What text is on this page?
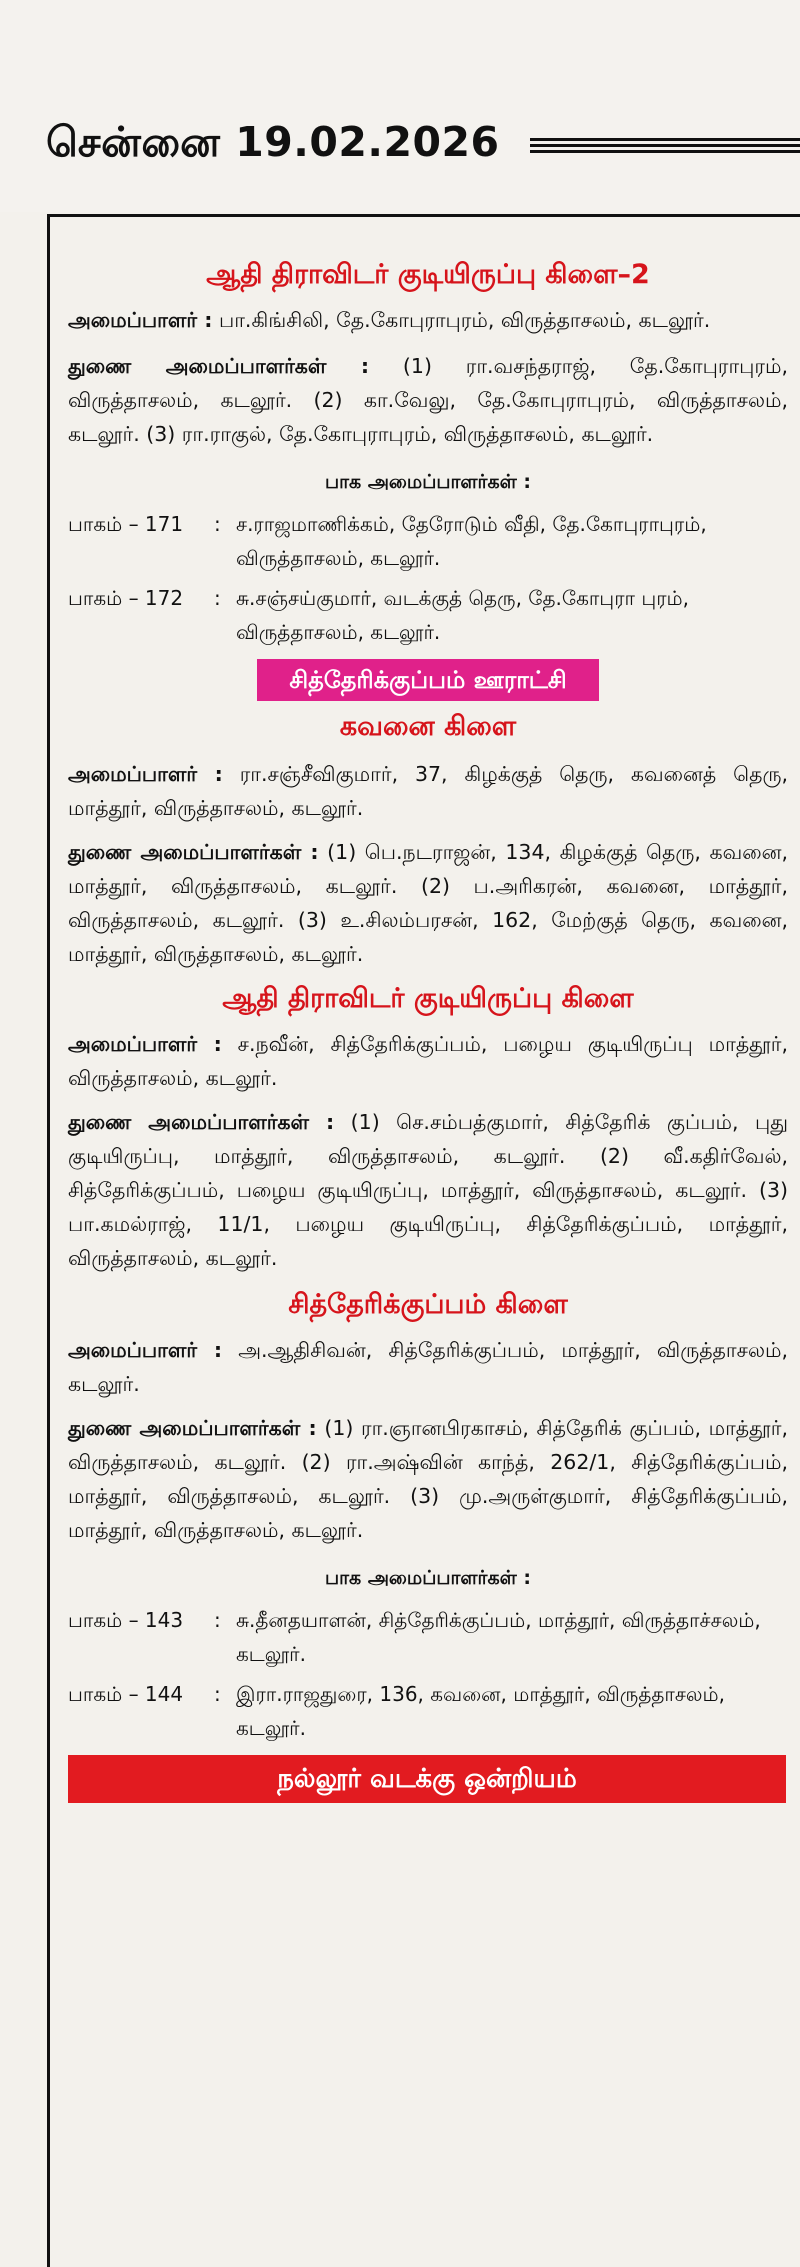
சென்னை 19.02.2026
ஆதி திராவிடர் குடியிருப்பு கிளை–2
அமைப்பாளர் : பா.கிங்சிலி, தே.கோபுராபுரம், விருத்தாசலம், கடலூர்.
துணை அமைப்பாளர்கள் : (1) ரா.வசந்தராஜ், தே.கோபுராபுரம், விருத்தாசலம், கடலூர். (2) கா.வேலு, தே.கோபுராபுரம், விருத்தாசலம், கடலூர். (3) ரா.ராகுல், தே.கோபுராபுரம், விருத்தாசலம், கடலூர்.
பாக அமைப்பாளர்கள் :
பாகம் – 171	: ச.ராஜமாணிக்கம், தேரோடும் வீதி, தே.கோபுராபுரம், விருத்தாசலம், கடலூர்.
பாகம் – 172	: சு.சஞ்சய்குமார், வடக்குத் தெரு, தே.கோபுரா புரம், விருத்தாசலம், கடலூர்.
சித்தேரிக்குப்பம் ஊராட்சி
கவனை கிளை
அமைப்பாளர் : ரா.சஞ்சீவிகுமார், 37, கிழக்குத் தெரு, கவனைத் தெரு, மாத்தூர், விருத்தாசலம், கடலூர்.
துணை அமைப்பாளர்கள் : (1) பெ.நடராஜன், 134, கிழக்குத் தெரு, கவனை, மாத்தூர், விருத்தாசலம், கடலூர். (2) ப.அரிகரன், கவனை, மாத்தூர், விருத்தாசலம், கடலூர். (3) உ.சிலம்பரசன், 162, மேற்குத் தெரு, கவனை, மாத்தூர், விருத்தாசலம், கடலூர்.
ஆதி திராவிடர் குடியிருப்பு கிளை
அமைப்பாளர் : ச.நவீன், சித்தேரிக்குப்பம், பழைய குடியிருப்பு மாத்தூர், விருத்தாசலம், கடலூர்.
துணை அமைப்பாளர்கள் : (1) செ.சம்பத்குமார், சித்தேரிக் குப்பம், புது குடியிருப்பு, மாத்தூர், விருத்தாசலம், கடலூர். (2) வீ.கதிர்வேல், சித்தேரிக்குப்பம், பழைய குடியிருப்பு, மாத்தூர், விருத்தாசலம், கடலூர். (3) பா.கமல்ராஜ், 11/1, பழைய குடியிருப்பு, சித்தேரிக்குப்பம், மாத்தூர், விருத்தாசலம், கடலூர்.
சித்தேரிக்குப்பம் கிளை
அமைப்பாளர் : அ.ஆதிசிவன், சித்தேரிக்குப்பம், மாத்தூர், விருத்தாசலம், கடலூர்.
துணை அமைப்பாளர்கள் : (1) ரா.ஞானபிரகாசம், சித்தேரிக் குப்பம், மாத்தூர், விருத்தாசலம், கடலூர். (2) ரா.அஷ்வின் காந்த், 262/1, சித்தேரிக்குப்பம், மாத்தூர், விருத்தாசலம், கடலூர். (3) மு.அருள்குமார், சித்தேரிக்குப்பம், மாத்தூர், விருத்தாசலம், கடலூர்.
பாக அமைப்பாளர்கள் :
பாகம் – 143	: சு.தீனதயாளன், சித்தேரிக்குப்பம், மாத்தூர், விருத்தாச்சலம், கடலூர்.
பாகம் – 144	: இரா.ராஜதுரை, 136, கவனை, மாத்தூர், விருத்தாசலம், கடலூர்.
நல்லூர் வடக்கு ஒன்றியம்
